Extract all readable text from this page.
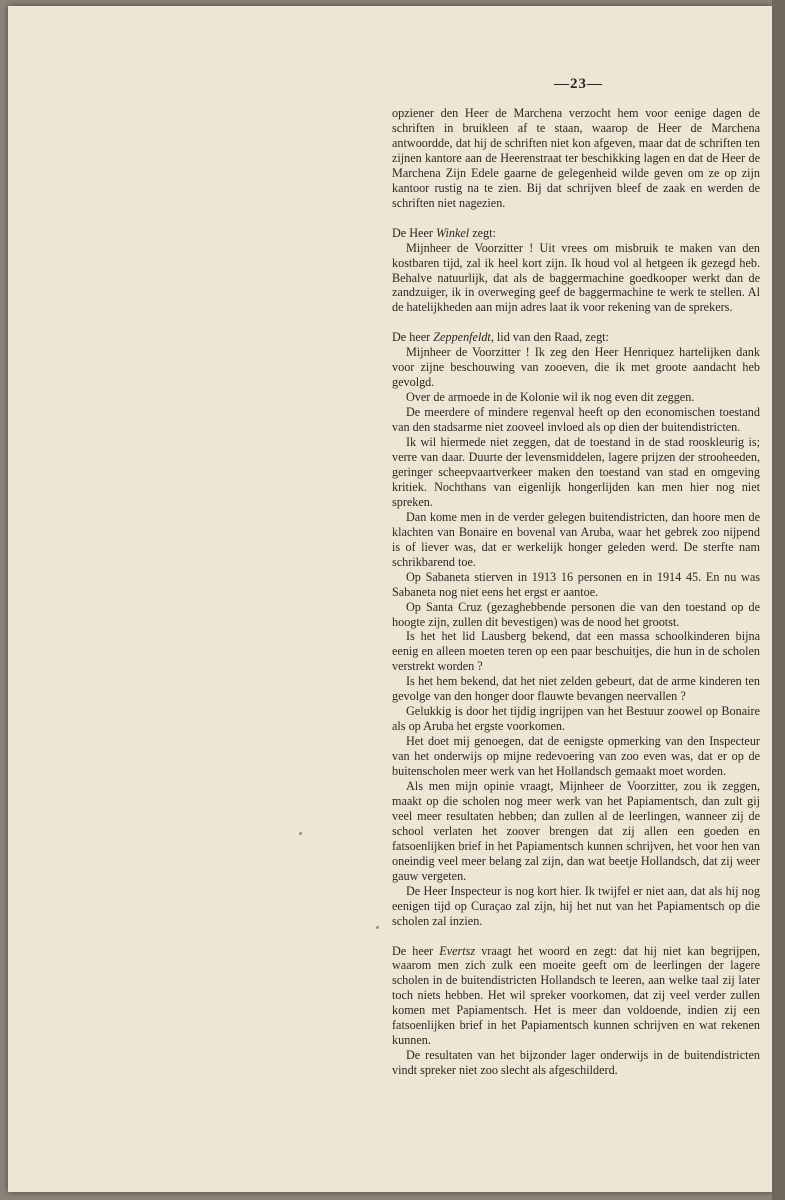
—23—

opziener den Heer de Marchena verzocht hem voor eenige dagen de schriften in bruikleen af te staan, waarop de Heer de Marchena antwoordde, dat hij de schriften niet kon afgeven, maar dat de schriften ten zijnen kantore aan de Heerenstraat ter beschikking lagen en dat de Heer de Marchena Zijn Edele gaarne de gelegenheid wilde geven om ze op zijn kantoor rustig na te zien. Bij dat schrijven bleef de zaak en werden de schriften niet nagezien.

De Heer Winkel zegt:

Mijnheer de Voorzitter ! Uit vrees om misbruik te maken van den kostbaren tijd, zal ik heel kort zijn. Ik houd vol al hetgeen ik gezegd heb. Behalve natuurlijk, dat als de baggermachine goedkooper werkt dan de zandzuiger, ik in overweging geef de baggermachine te werk te stellen. Al de hatelijkheden aan mijn adres laat ik voor rekening van de sprekers.

De heer Zeppenfeldt, lid van den Raad, zegt:

Mijnheer de Voorzitter ! Ik zeg den Heer Henriquez hartelijken dank voor zijne beschouwing van zooeven, die ik met groote aandacht heb gevolgd.

Over de armoede in de Kolonie wil ik nog even dit zeggen.

De meerdere of mindere regenval heeft op den economischen toestand van den stadsarme niet zooveel invloed als op dien der buitendistricten.

Ik wil hiermede niet zeggen, dat de toestand in de stad rooskleurig is; verre van daar. Duurte der levensmiddelen, lagere prijzen der strooheeden, geringer scheepvaartverkeer maken den toestand van stad en omgeving kritiek. Nochthans van eigenlijk hongerlijden kan men hier nog niet spreken.

Dan kome men in de verder gelegen buitendistricten, dan hoore men de klachten van Bonaire en bovenal van Aruba, waar het gebrek zoo nijpend is of liever was, dat er werkelijk honger geleden werd. De sterfte nam schrikbarend toe.

Op Sabaneta stierven in 1913 16 personen en in 1914 45. En nu was Sabaneta nog niet eens het ergst er aantoe.

Op Santa Cruz (gezaghebbende personen die van den toestand op de hoogte zijn, zullen dit bevestigen) was de nood het grootst.

Is het het lid Lausberg bekend, dat een massa schoolkinderen bijna eenig en alleen moeten teren op een paar beschuitjes, die hun in de scholen verstrekt worden ?

Is het hem bekend, dat het niet zelden gebeurt, dat de arme kinderen ten gevolge van den honger door flauwte bevangen neervallen ?

Gelukkig is door het tijdig ingrijpen van het Bestuur zoowel op Bonaire als op Aruba het ergste voorkomen.

Het doet mij genoegen, dat de eenigste opmerking van den Inspecteur van het onderwijs op mijne redevoering van zoo even was, dat er op de buitenscholen meer werk van het Hollandsch gemaakt moet worden.

Als men mijn opinie vraagt, Mijnheer de Voorzitter, zou ik zeggen, maakt op die scholen nog meer werk van het Papiamentsch, dan zult gij veel meer resultaten hebben; dan zullen al de leerlingen, wanneer zij de school verlaten het zoover brengen dat zij allen een goeden en fatsoenlijken brief in het Papiamentsch kunnen schrijven, het voor hen van oneindig veel meer belang zal zijn, dan wat beetje Hollandsch, dat zij weer gauw vergeten.

De Heer Inspecteur is nog kort hier. Ik twijfel er niet aan, dat als hij nog eenigen tijd op Curaçao zal zijn, hij het nut van het Papiamentsch op die scholen zal inzien.

De heer Evertsz vraagt het woord en zegt: dat hij niet kan begrijpen, waarom men zich zulk een moeite geeft om de leerlingen der lagere scholen in de buitendistricten Hollandsch te leeren, aan welke taal zij later toch niets hebben. Het wil spreker voorkomen, dat zij veel verder zullen komen met Papiamentsch. Het is meer dan voldoende, indien zij een fatsoenlijken brief in het Papiamentsch kunnen schrijven en wat rekenen kunnen.

De resultaten van het bijzonder lager onderwijs in de buitendistricten vindt spreker niet zoo slecht als afgeschilderd.
